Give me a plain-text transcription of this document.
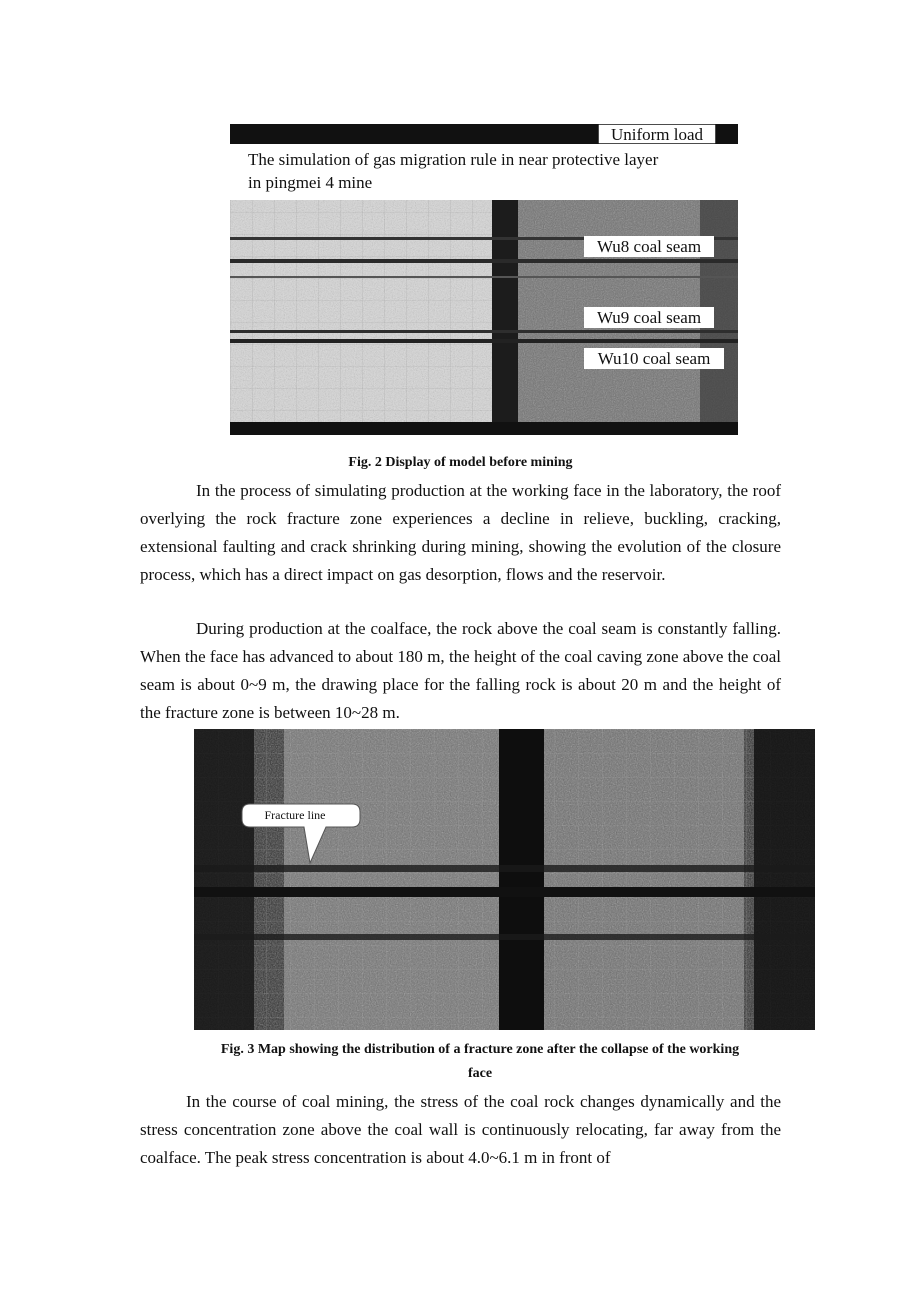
Uniform load
The simulation of gas migration rule in near protective layer
in pingmei 4 mine
Wu8 coal seam
Wu9 coal seam
Wu10 coal seam
Fig. 2 Display of model before mining

In the process of simulating production at the working face in the laboratory, the roof overlying the rock fracture zone experiences a decline in relieve, buckling, cracking, extensional faulting and crack shrinking during mining, showing the evolution of the closure process, which has a direct impact on gas desorption, flows and the reservoir.

During production at the coalface, the rock above the coal seam is constantly falling. When the face has advanced to about 180 m, the height of the coal caving zone above the coal seam is about 0~9 m, the drawing place for the falling rock is about 20 m and the height of the fracture zone is between 10~28 m.

Fracture line
Fig. 3 Map showing the distribution of a fracture zone after the collapse of the working
face

In the course of coal mining, the stress of the coal rock changes dynamically and the stress concentration zone above the coal wall is continuously relocating, far away from the coalface. The peak stress concentration is about 4.0~6.1 m in front of
